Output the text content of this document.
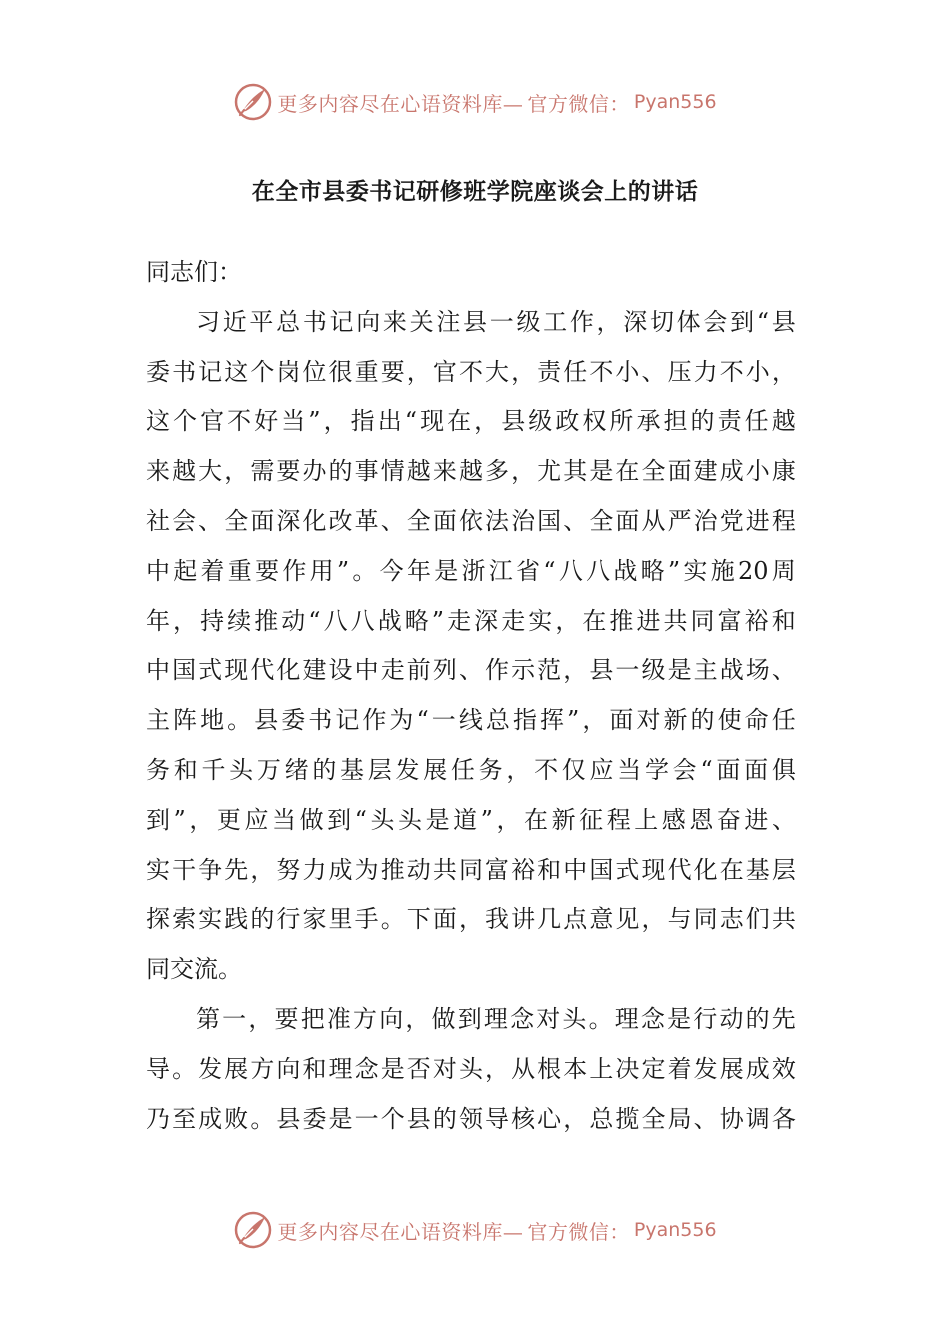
更多内容尽在心语资料库— 官方微信： Pyan556
在全市县委书记研修班学院座谈会上的讲话
同 志 们 ：
习 近 平 总 书 记 向 来 关 注 县 一 级 工 作 ， 深 切 体 会 到 “ 县
委 书 记 这 个 岗 位 很 重 要 ， 官 不 大 ， 责 任 不 小 、 压 力 不 小 ，
这 个 官 不 好 当 ” ， 指 出 “ 现 在 ， 县 级 政 权 所 承 担 的 责 任 越
来 越 大 ， 需 要 办 的 事 情 越 来 越 多 ， 尤 其 是 在 全 面 建 成 小 康
社 会 、 全 面 深 化 改 革 、 全 面 依 法 治 国 、 全 面 从 严 治 党 进 程
中 起 着 重 要 作 用 ” 。 今 年 是 浙 江 省 “ 八 八 战 略 ” 实 施 20 周
年 ， 持 续 推 动 “ 八 八 战 略 ” 走 深 走 实 ， 在 推 进 共 同 富 裕 和
中 国 式 现 代 化 建 设 中 走 前 列 、 作 示 范 ， 县 一 级 是 主 战 场 、
主 阵 地 。 县 委 书 记 作 为 “ 一 线 总 指 挥 ” ， 面 对 新 的 使 命 任
务 和 千 头 万 绪 的 基 层 发 展 任 务 ， 不 仅 应 当 学 会 “ 面 面 俱
到 ” ， 更 应 当 做 到 “ 头 头 是 道 ” ， 在 新 征 程 上 感 恩 奋 进 、
实 干 争 先 ， 努 力 成 为 推 动 共 同 富 裕 和 中 国 式 现 代 化 在 基 层
探 索 实 践 的 行 家 里 手 。 下 面 ， 我 讲 几 点 意 见 ， 与 同 志 们 共
同 交 流 。
第 一 ， 要 把 准 方 向 ， 做 到 理 念 对 头 。 理 念 是 行 动 的 先
导 。 发 展 方 向 和 理 念 是 否 对 头 ， 从 根 本 上 决 定 着 发 展 成 效
乃 至 成 败 。 县 委 是 一 个 县 的 领 导 核 心 ， 总 揽 全 局 、 协 调 各
更多内容尽在心语资料库— 官方微信： Pyan556
